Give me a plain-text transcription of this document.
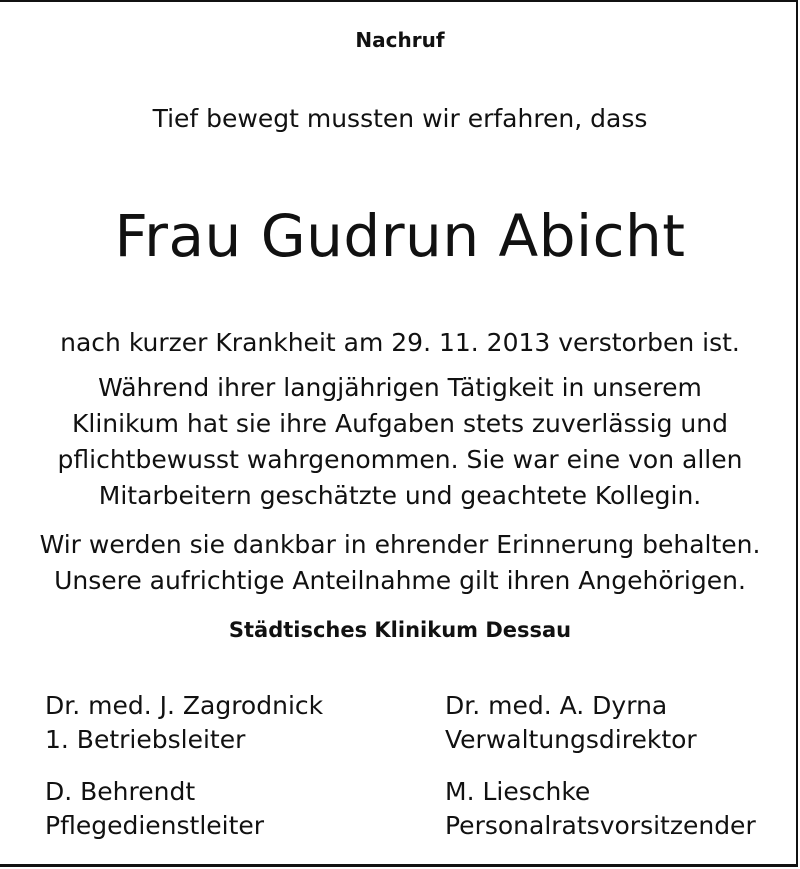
Nachruf
Tief bewegt mussten wir erfahren, dass
Frau Gudrun Abicht
nach kurzer Krankheit am 29. 11. 2013 verstorben ist.
Während ihrer langjährigen Tätigkeit in unserem
Klinikum hat sie ihre Aufgaben stets zuverlässig und
pflichtbewusst wahrgenommen. Sie war eine von allen
Mitarbeitern geschätzte und geachtete Kollegin.
Wir werden sie dankbar in ehrender Erinnerung behalten.
Unsere aufrichtige Anteilnahme gilt ihren Angehörigen.
Städtisches Klinikum Dessau
Dr. med. J. Zagrodnick
1. Betriebsleiter
Dr. med. A. Dyrna
Verwaltungsdirektor
D. Behrendt
Pflegedienstleiter
M. Lieschke
Personalratsvorsitzender
